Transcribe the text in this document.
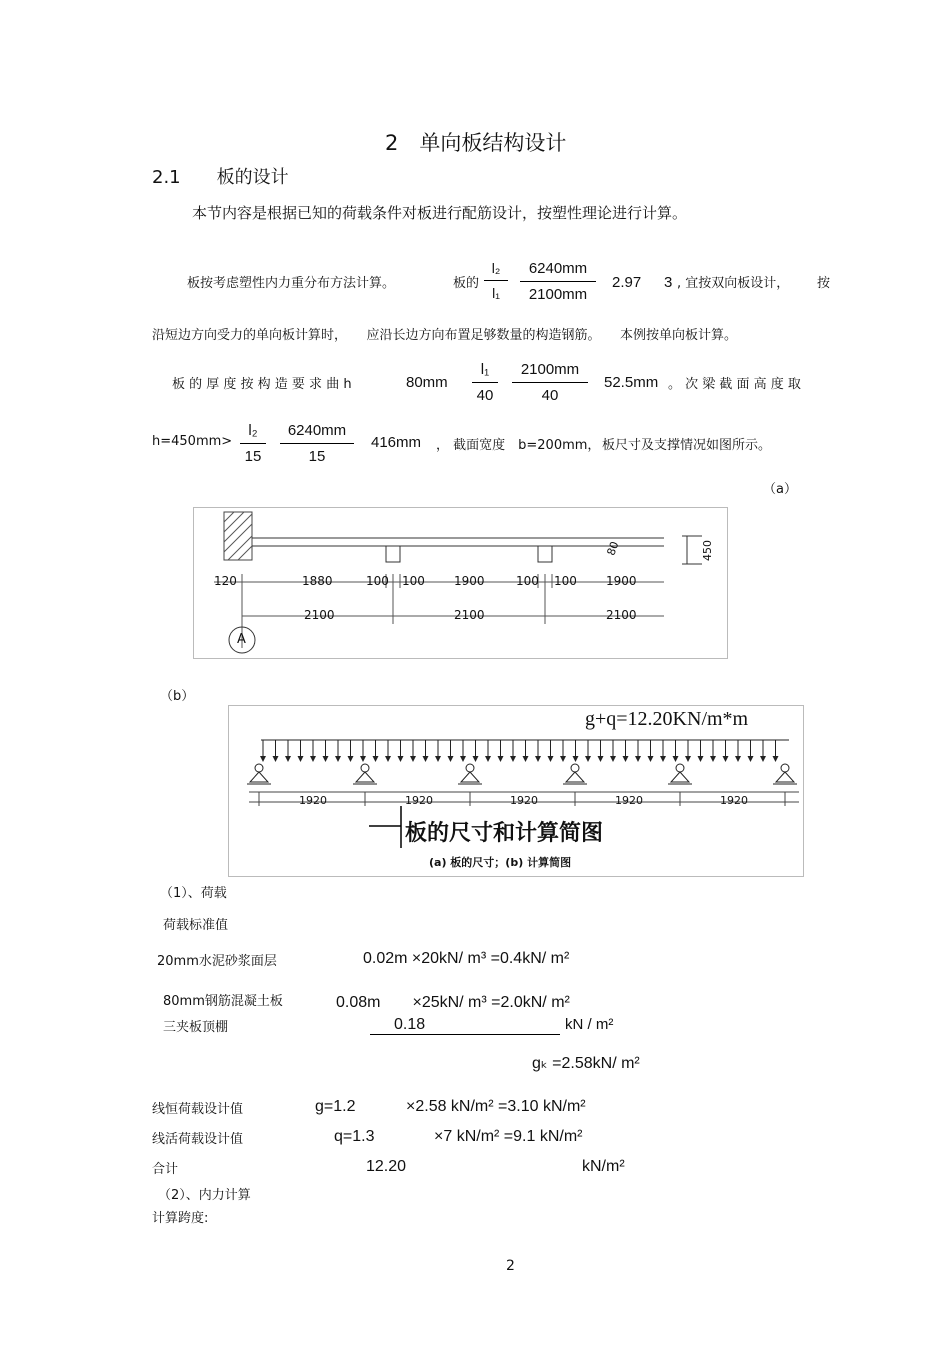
2　单向板结构设计
2.1　　板的设计
本节内容是根据已知的荷载条件对板进行配筋设计，按塑性理论进行计算。
板按考虑塑性内力重分布方法计算。	板的 $\frac{\text{l₂}}{\text{l₁}} \frac{6240mm}{2100mm} 2.97$ 3 , 宜按双向板设计， 按
沿短边方向受力的单向板计算时，　　应沿长边方向布置足够数量的构造钢筋。　　本例按单向板计算。
板 的 厚 度 按 构 造 要 求 曲 h	$80mm \frac{\text{l₁}}{40} \frac{2100mm}{40} 52.5mm$ 。 次 梁 截 面 高 度 取
$h=450mm> \frac{\text{l₂}}{15} \frac{6240mm}{15} 416mm$ ， 截面宽度　b=200mm， 板尺寸及支撑情况如图所示。
（a）
120	1880	100 100 1900	100 100 1900
2100	2100	2100
A
80	450
（b）
g+q=12.20KN/m*m
1920	1920	1920	1920	1920
板的尺寸和计算简图
(a) 板的尺寸；(b) 计算简图
（1）、荷载
荷载标准值
20mm水泥砂浆面层	0.02m ×20kN/ m³ =0.4kN/ m²
80mm钢筋混凝土板	0.08m　　×25kN/ m³ =2.0kN/ m²
三夹板顶棚	0.18	kN / m²
gₖ =2.58kN/ m²
线恒荷载设计值	g=1.2	×2.58 kN/m² =3.10 kN/m²
线活荷载设计值	q=1.3	×7 kN/m² =9.1 kN/m²
合计	12.20	kN/m²
（2）、内力计算
计算跨度:
2
